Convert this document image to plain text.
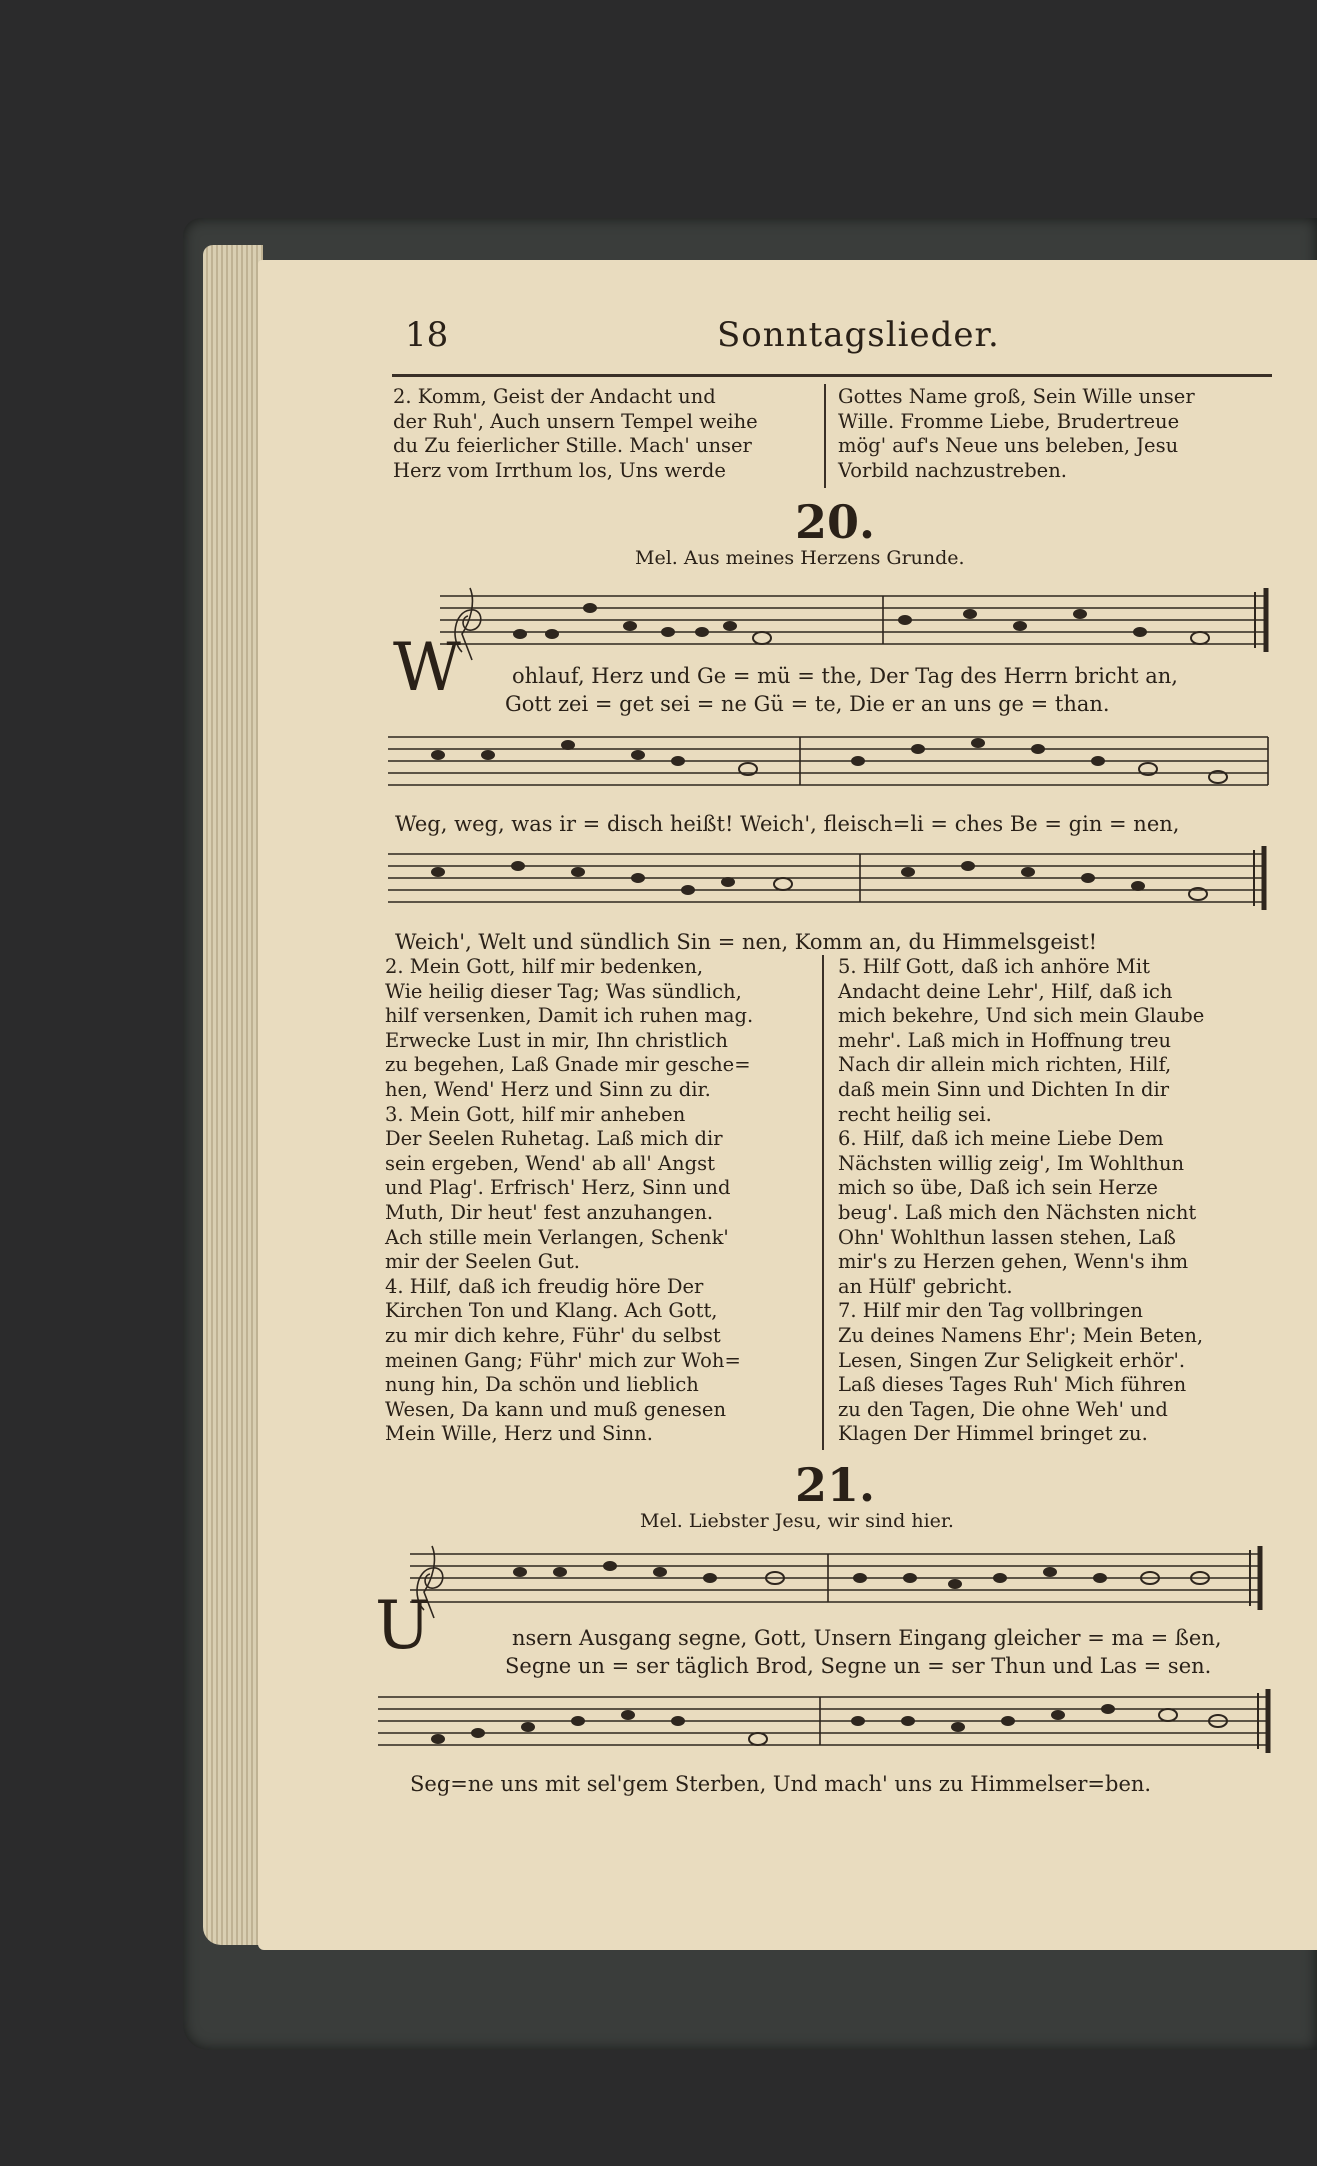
18	Sonntagslieder.
2. Komm, Geist der Andacht und
der Ruh', Auch unsern Tempel weihe
du Zu feierlicher Stille. Mach' unser
Herz vom Irrthum los, Uns werde
Gottes Name groß, Sein Wille unser
Wille. Fromme Liebe, Brudertreue
mög' auf's Neue uns beleben, Jesu
Vorbild nachzustreben.
20.
Mel. Aus meines Herzens Grunde.
W ohlauf, Herz und Ge = mü = the, Der Tag des Herrn bricht an,
Gott zei = get sei = ne Gü = te, Die er an uns ge = than.
Weg, weg, was ir = disch heißt! Weich', fleisch=li = ches Be = gin = nen,
Weich', Welt und sündlich Sin = nen, Komm an, du Himmelsgeist!
2. Mein Gott, hilf mir bedenken,
Wie heilig dieser Tag; Was sündlich,
hilf versenken, Damit ich ruhen mag.
Erwecke Lust in mir, Ihn christlich
zu begehen, Laß Gnade mir gesche=
hen, Wend' Herz und Sinn zu dir.
3. Mein Gott, hilf mir anheben
Der Seelen Ruhetag. Laß mich dir
sein ergeben, Wend' ab all' Angst
und Plag'. Erfrisch' Herz, Sinn und
Muth, Dir heut' fest anzuhangen.
Ach stille mein Verlangen, Schenk'
mir der Seelen Gut.
4. Hilf, daß ich freudig höre Der
Kirchen Ton und Klang. Ach Gott,
zu mir dich kehre, Führ' du selbst
meinen Gang; Führ' mich zur Woh=
nung hin, Da schön und lieblich
Wesen, Da kann und muß genesen
Mein Wille, Herz und Sinn.
5. Hilf Gott, daß ich anhöre Mit
Andacht deine Lehr', Hilf, daß ich
mich bekehre, Und sich mein Glaube
mehr'. Laß mich in Hoffnung treu
Nach dir allein mich richten, Hilf,
daß mein Sinn und Dichten In dir
recht heilig sei.
6. Hilf, daß ich meine Liebe Dem
Nächsten willig zeig', Im Wohlthun
mich so übe, Daß ich sein Herze
beug'. Laß mich den Nächsten nicht
Ohn' Wohlthun lassen stehen, Laß
mir's zu Herzen gehen, Wenn's ihm
an Hülf' gebricht.
7. Hilf mir den Tag vollbringen
Zu deines Namens Ehr'; Mein Beten,
Lesen, Singen Zur Seligkeit erhör'.
Laß dieses Tages Ruh' Mich führen
zu den Tagen, Die ohne Weh' und
Klagen Der Himmel bringet zu.
21.
Mel. Liebster Jesu, wir sind hier.
U	nsern Ausgang segne, Gott, Unsern Eingang gleicher = ma = ßen,
Segne un = ser täglich Brod, Segne un = ser Thun und Las = sen.
Seg=ne uns mit sel'gem Sterben, Und mach' uns zu Himmelser=ben.
